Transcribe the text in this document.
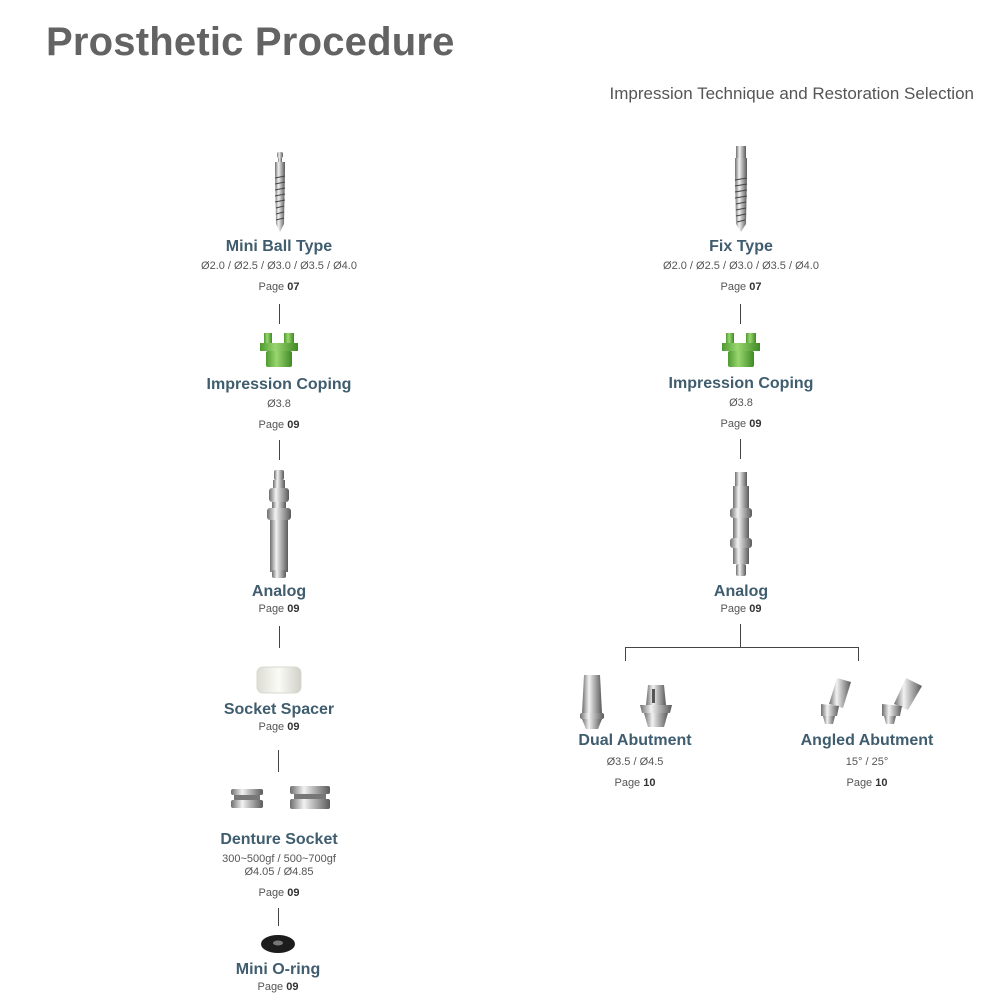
Prosthetic Procedure
Impression Technique and Restoration Selection
Mini Ball Type
Ø2.0 / Ø2.5 / Ø3.0 / Ø3.5 / Ø4.0
Page 07
Impression Coping
Ø3.8
Page 09
Analog
Page 09
Socket Spacer
Page 09
Denture Socket
300~500gf / 500~700gf
Ø4.05 / Ø4.85
Page 09
Mini O-ring
Page 09
Fix Type
Ø2.0 / Ø2.5 / Ø3.0 / Ø3.5 / Ø4.0
Page 07
Impression Coping
Ø3.8
Page 09
Analog
Page 09
Dual Abutment
Ø3.5 / Ø4.5
Page 10
Angled Abutment
15° / 25°
Page 10
